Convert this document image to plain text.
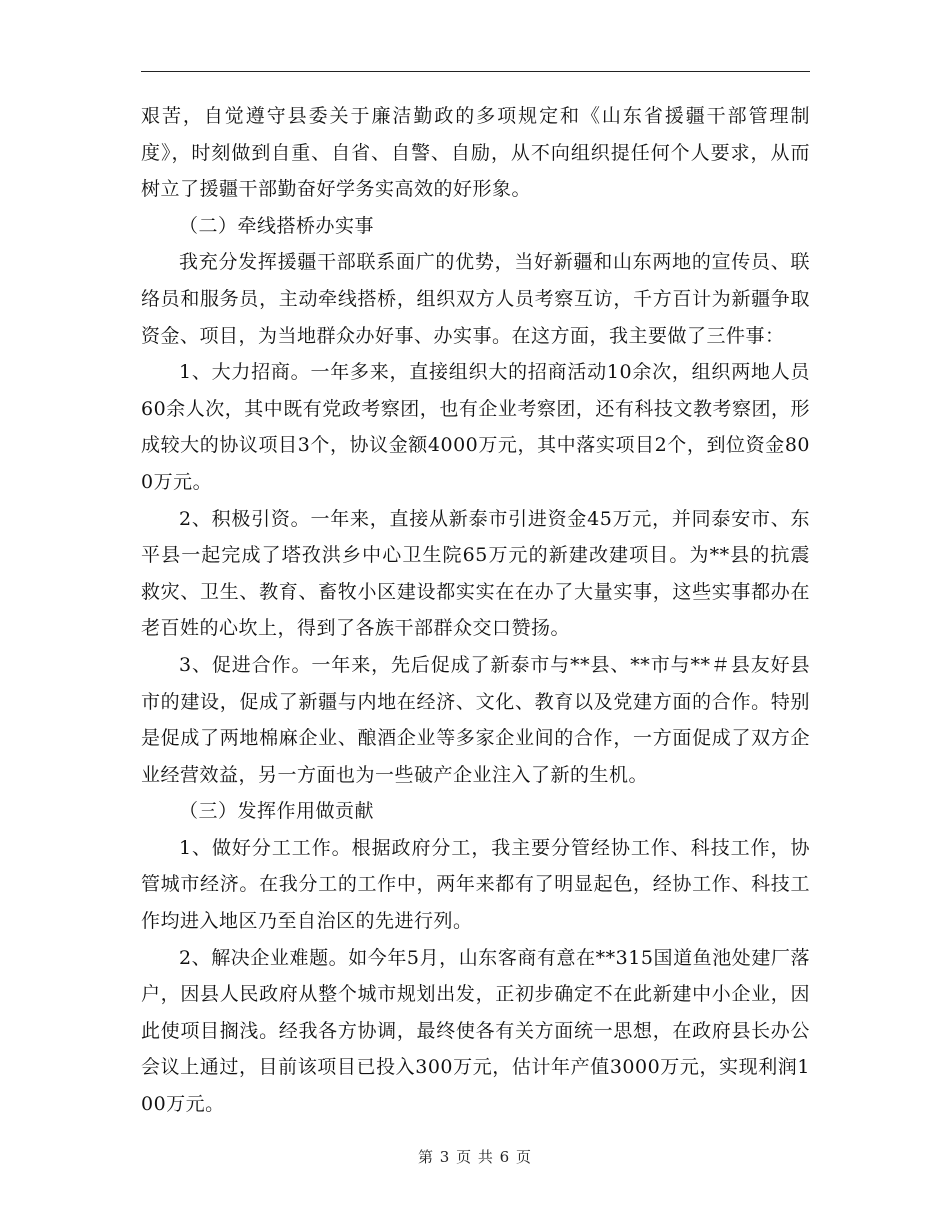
艰苦，自觉遵守县委关于廉洁勤政的多项规定和《山东省援疆干部管理制度》，时刻做到自重、自省、自警、自励，从不向组织提任何个人要求，从而树立了援疆干部勤奋好学务实高效的好形象。

（二）牵线搭桥办实事

我充分发挥援疆干部联系面广的优势，当好新疆和山东两地的宣传员、联络员和服务员，主动牵线搭桥，组织双方人员考察互访，千方百计为新疆争取资金、项目，为当地群众办好事、办实事。在这方面，我主要做了三件事：

1、大力招商。一年多来，直接组织大的招商活动10余次，组织两地人员60余人次，其中既有党政考察团，也有企业考察团，还有科技文教考察团，形成较大的协议项目3个，协议金额4000万元，其中落实项目2个，到位资金800万元。

2、积极引资。一年来，直接从新泰市引进资金45万元，并同泰安市、东平县一起完成了塔孜洪乡中心卫生院65万元的新建改建项目。为**县的抗震救灾、卫生、教育、畜牧小区建设都实实在在办了大量实事，这些实事都办在老百姓的心坎上，得到了各族干部群众交口赞扬。

3、促进合作。一年来，先后促成了新泰市与**县、**市与**＃县友好县市的建设，促成了新疆与内地在经济、文化、教育以及党建方面的合作。特别是促成了两地棉麻企业、酿酒企业等多家企业间的合作，一方面促成了双方企业经营效益，另一方面也为一些破产企业注入了新的生机。

（三）发挥作用做贡献

1、做好分工工作。根据政府分工，我主要分管经协工作、科技工作，协管城市经济。在我分工的工作中，两年来都有了明显起色，经协工作、科技工作均进入地区乃至自治区的先进行列。

2、解决企业难题。如今年5月，山东客商有意在**315国道鱼池处建厂落户，因县人民政府从整个城市规划出发，正初步确定不在此新建中小企业，因此使项目搁浅。经我各方协调，最终使各有关方面统一思想，在政府县长办公会议上通过，目前该项目已投入300万元，估计年产值3000万元，实现利润100万元。

第 3 页 共 6 页
